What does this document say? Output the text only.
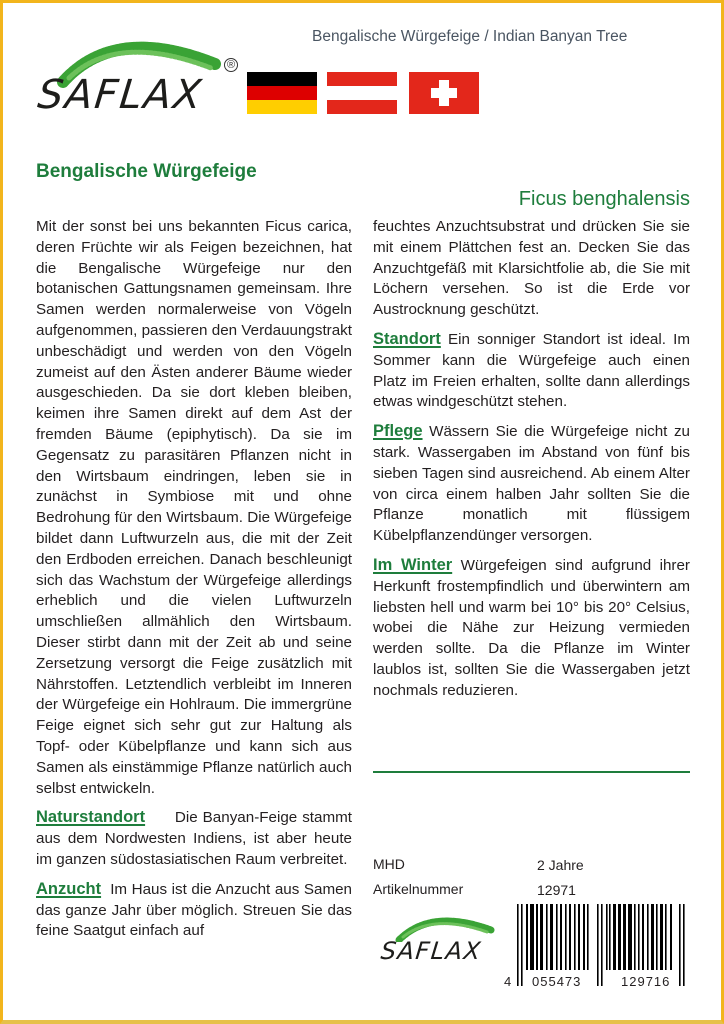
SAFLAX
®
Bengalische Würgefeige / Indian Banyan Tree
Bengalische Würgefeige
Ficus benghalensis

Mit der sonst bei uns bekannten Ficus carica, deren Früchte wir als Feigen bezeichnen, hat die Bengalische Würgefeige nur den botanischen Gattungsnamen gemeinsam. Ihre Samen werden normalerweise von Vögeln aufgenommen, passieren den Verdauungstrakt unbeschädigt und werden von den Vögeln zumeist auf den Ästen anderer Bäume wieder ausgeschieden. Da sie dort kleben bleiben, keimen ihre Samen direkt auf dem Ast der fremden Bäume (epiphytisch). Da sie im Gegensatz zu parasitären Pflanzen nicht in den Wirtsbaum eindringen, leben sie in zunächst in Symbiose mit und ohne Bedrohung für den Wirtsbaum. Die Würgefeige bildet dann Luftwurzeln aus, die mit der Zeit den Erdboden erreichen. Danach beschleunigt sich das Wachstum der Würgefeige allerdings erheblich und die vielen Luftwurzeln umschließen allmählich den Wirtsbaum. Dieser stirbt dann mit der Zeit ab und seine Zersetzung versorgt die Feige zusätzlich mit Nährstoffen. Letztendlich verbleibt im Inneren der Würgefeige ein Hohlraum. Die immergrüne Feige eignet sich sehr gut zur Haltung als Topf- oder Kübelpflanze und kann sich aus Samen als einstämmige Pflanze natürlich auch selbst entwickeln.

Naturstandort Die Banyan-Feige stammt aus dem Nordwesten Indiens, ist aber heute im ganzen südostasiatischen Raum verbreitet.

Anzucht Im Haus ist die Anzucht aus Samen das ganze Jahr über möglich. Streuen Sie das feine Saatgut einfach auf

feuchtes Anzuchtsubstrat und drücken Sie sie mit einem Plättchen fest an. Decken Sie das Anzuchtgefäß mit Klarsichtfolie ab, die Sie mit Löchern versehen. So ist die Erde vor Austrocknung geschützt.

Standort Ein sonniger Standort ist ideal. Im Sommer kann die Würgefeige auch einen Platz im Freien erhalten, sollte dann allerdings etwas windgeschützt stehen.

Pflege Wässern Sie die Würgefeige nicht zu stark. Wassergaben im Abstand von fünf bis sieben Tagen sind ausreichend. Ab einem Alter von circa einem halben Jahr sollten Sie die Pflanze monatlich mit flüssigem Kübelpflanzendünger versorgen.

Im Winter Würgefeigen sind aufgrund ihrer Herkunft frostempfindlich und überwintern am liebsten hell und warm bei 10° bis 20° Celsius, wobei die Nähe zur Heizung vermieden werden sollte. Da die Pflanze im Winter laublos ist, sollten Sie die Wassergaben jetzt nochmals reduzieren.

MHD	2 Jahre
Artikelnummer	12971
SAFLAX
4 055473	129716
